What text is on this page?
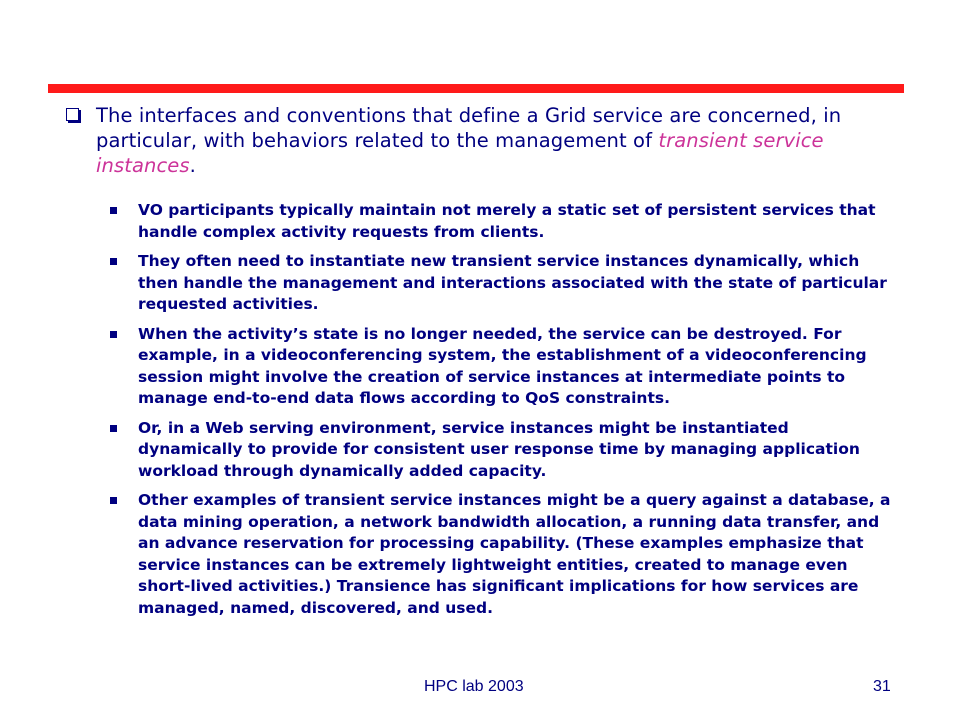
The interfaces and conventions that define a Grid service are concerned, in particular, with behaviors related to the management of transient service instances.
VO participants typically maintain not merely a static set of persistent services that handle complex activity requests from clients.
They often need to instantiate new transient service instances dynamically, which then handle the management and interactions associated with the state of particular requested activities.
When the activity’s state is no longer needed, the service can be destroyed. For example, in a videoconferencing system, the establishment of a videoconferencing session might involve the creation of service instances at intermediate points to manage end-to-end data flows according to QoS constraints.
Or, in a Web serving environment, service instances might be instantiated dynamically to provide for consistent user response time by managing application workload through dynamically added capacity.
Other examples of transient service instances might be a query against a database, a data mining operation, a network bandwidth allocation, a running data transfer, and an advance reservation for processing capability. (These examples emphasize that service instances can be extremely lightweight entities, created to manage even short-lived activities.) Transience has significant implications for how services are managed, named, discovered, and used.
HPC lab 2003	31
